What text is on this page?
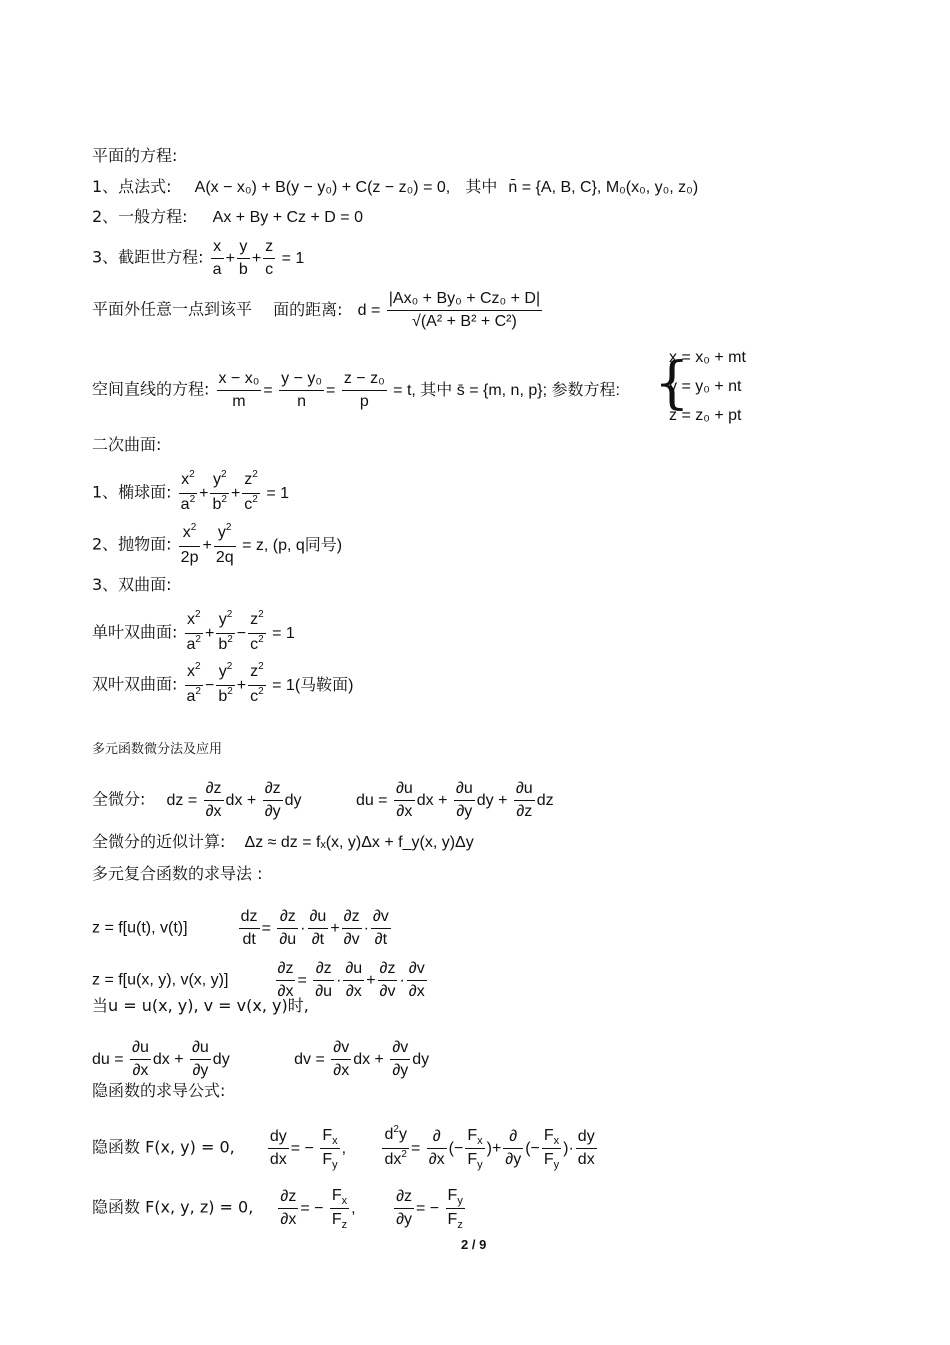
平面的方程:
1、点法式: A(x − x₀) + B(y − y₀) + C(z − z₀) = 0, 其中 n̄ = {A, B, C}, M₀(x₀, y₀, z₀)
2、一般方程: Ax + By + Cz + D = 0
3、截距世方程: $\frac{x}{a} + \frac{y}{b} + \frac{z}{c} = 1$
平面外任意一点到该平 面的距离: $d = \frac{\text{|Ax₀ + By₀ + Cz₀ + D|}}{\text{√(A² + B² + C²)}}$
空间直线的方程: $\frac{\text{x − x₀}}{m} = \frac{\text{y − y₀}}{n} = \frac{\text{z − z₀}}{p} = t$, 其中 s̄ = {m, n, p}; 参数方程: {
x = x₀ + mt
y = y₀ + nt
z = z₀ + pt
二次曲面:
1、椭球面: $\frac{x^2}{a^2} + \frac{y^2}{b^2} + \frac{z^2}{c^2} = 1$
2、抛物面: $\frac{x^2}{2p} + \frac{y^2}{2q} = z$, (p, q同号)
3、双曲面:
单叶双曲面: $\frac{x^2}{a^2} + \frac{y^2}{b^2} - \frac{z^2}{c^2} = 1$
双叶双曲面: $\frac{x^2}{a^2} - \frac{y^2}{b^2} + \frac{z^2}{c^2} = 1$(马鞍面)
多元函数微分法及应用
全微分: dz = $\frac{\partial z}{\partial x}$ dx + $\frac{\partial z}{\partial y}$ dy	du = $\frac{\partial u}{\partial x}$ dx + $\frac{\partial u}{\partial y}$ dy + $\frac{\partial u}{\partial z}$ dz
全微分的近似计算: Δz ≈ dz = fₓ(x, y)Δx + f_y(x, y)Δy
多元复合函数的求导法 :
z = f[u(t), v(t)]	$\frac{dz}{dt} = \frac{\partial z}{\partial u} \cdot \frac{\partial u}{\partial t} + \frac{\partial z}{\partial v} \cdot \frac{\partial v}{\partial t}$
z = f[u(x, y), v(x, y)]	$\frac{\partial z}{\partial x} = \frac{\partial z}{\partial u} \cdot \frac{\partial u}{\partial x} + \frac{\partial z}{\partial v} \cdot \frac{\partial v}{\partial x}$
当u = u(x, y), v = v(x, y)时,
du = $\frac{\partial u}{\partial x}$ dx + $\frac{\partial u}{\partial y}$ dy	dv = $\frac{\partial v}{\partial x}$ dx + $\frac{\partial v}{\partial y}$ dy
隐函数的求导公式:
隐函数 F(x, y) = 0, $\frac{dy}{dx}$ = − $\frac{F_x}{F_y}$ , $\frac{d^2y}{dx^2}$ =
∂
∂x
(− $\frac{F_x}{F_y}$ )+
∂
∂y
(− $\frac{F_x}{F_y}$ )· $\frac{dy}{dx}$
隐函数 F(x, y, z) = 0, $\frac{\partial z}{\partial x}$ = − $\frac{F_x}{F_z}$ , $\frac{\partial z}{\partial y}$ = − $\frac{F_y}{F_z}$
2 / 9
